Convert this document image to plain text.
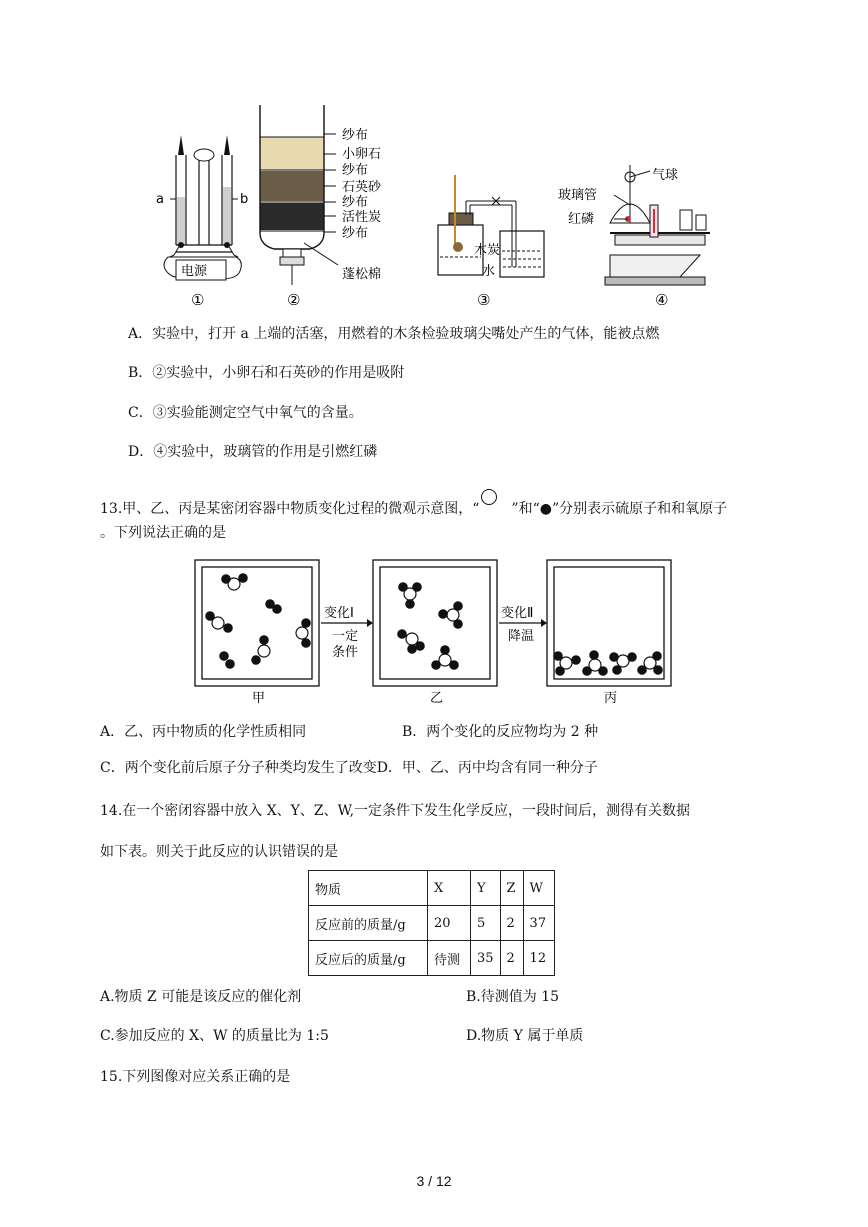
a	b
电源
①
纱布
小卵石
纱布
石英砂
纱布
活性炭
纱布
蓬松棉
②
木炭
水
③
玻璃管
气球
红磷
④
A．实验中，打开 a 上端的活塞，用燃着的木条检验玻璃尖嘴处产生的气体，能被点燃
B．②实验中，小卵石和石英砂的作用是吸附
C．③实验能测定空气中氧气的含量。
D．④实验中，玻璃管的作用是引燃红磷
13.甲、乙、丙是某密闭容器中物质变化过程的微观示意图，“ ”和“●”分别表示硫原子和和氧原子
。下列说法正确的是
变化Ⅰ
一定
条件
变化Ⅱ
降温
甲	乙	丙
A．乙、丙中物质的化学性质相同	B．两个变化的反应物均为 2 种
C．两个变化前后原子分子种类均发生了改变D．甲、乙、丙中均含有同一种分子
14.在一个密闭容器中放入 X、Y、Z、W,一定条件下发生化学反应，一段时间后，测得有关数据
如下表。则关于此反应的认识错误的是
物质	X	Y	Z	W
反应前的质量/g	20	5	2	37
反应后的质量/g	待测	35	2	12
A.物质 Z 可能是该反应的催化剂	B.待测值为 15
C.参加反应的 X、W 的质量比为 1:5	D.物质 Y 属于单质
15.下列图像对应关系正确的是
3 / 12
